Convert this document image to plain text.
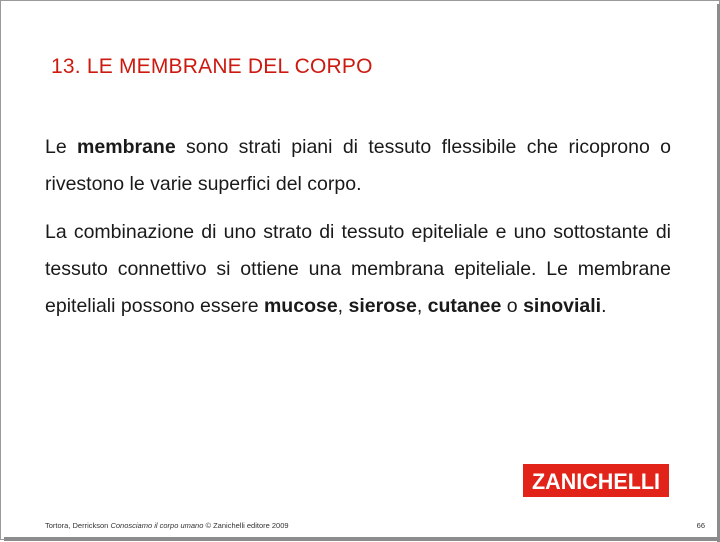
13. LE MEMBRANE DEL CORPO

Le membrane sono strati piani di tessuto flessibile che ricoprono o rivestono le varie superfici del corpo.

La combinazione di uno strato di tessuto epiteliale e uno sottostante di tessuto connettivo si ottiene una membrana epiteliale. Le membrane epiteliali possono essere mucose, sierose, cutanee o sinoviali.

ZANICHELLI
Tortora, Derrickson Conosciamo il corpo umano © Zanichelli editore 2009	66
